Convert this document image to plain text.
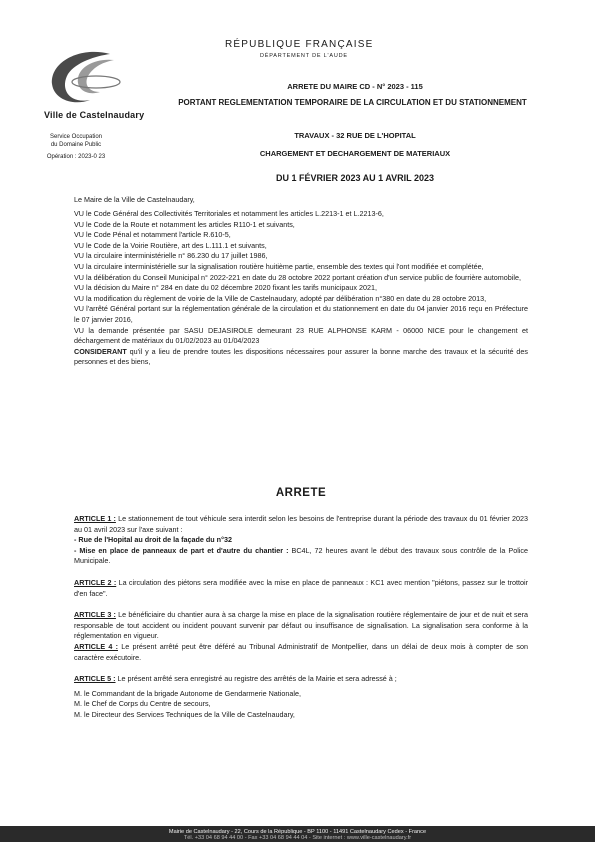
Ville de Castelnaudary
Service Occupation
du Domaine Public
Opération : 2023-0 23
RÉPUBLIQUE FRANÇAISE
DÉPARTEMENT DE L'AUDE
ARRETE DU MAIRE CD - N° 2023 - 115
PORTANT REGLEMENTATION TEMPORAIRE DE LA CIRCULATION ET DU STATIONNEMENT
TRAVAUX - 32 RUE DE L'HOPITAL
CHARGEMENT ET DECHARGEMENT DE MATERIAUX
DU 1 FÉVRIER 2023 AU 1 AVRIL 2023
Le Maire de la Ville de Castelnaudary,

VU le Code Général des Collectivités Territoriales et notamment les articles L.2213-1 et L.2213-6,

VU le Code de la Route et notamment les articles R110-1 et suivants,

VU le Code Pénal et notamment l'article R.610-5,

VU le Code de la Voirie Routière, art des L.111.1 et suivants,

VU la circulaire interministérielle n° 86.230 du 17 juillet 1986,

VU la circulaire interministérielle sur la signalisation routière huitième partie, ensemble des textes qui l'ont modifiée et complétée,

VU la délibération du Conseil Municipal n° 2022-221 en date du 28 octobre 2022 portant création d'un service public de fourrière automobile,

VU la décision du Maire n° 284 en date du 02 décembre 2020 fixant les tarifs municipaux 2021,

VU la modification du règlement de voirie de la Ville de Castelnaudary, adopté par délibération n°380 en date du 28 octobre 2013,

VU l'arrêté Général portant sur la réglementation générale de la circulation et du stationnement en date du 04 janvier 2016 reçu en Préfecture le 07 janvier 2016,

VU la demande présentée par SASU DEJASIROLE demeurant 23 RUE ALPHONSE KARM - 06000 NICE pour le changement et déchargement de matériaux du 01/02/2023 au 01/04/2023

CONSIDERANT qu'il y a lieu de prendre toutes les dispositions nécessaires pour assurer la bonne marche des travaux et la sécurité des personnes et des biens,

ARRETE

ARTICLE 1 : Le stationnement de tout véhicule sera interdit selon les besoins de l'entreprise durant la période des travaux du 01 février 2023 au 01 avril 2023 sur l'axe suivant :

- Rue de l'Hopital au droit de la façade du n°32

- Mise en place de panneaux de part et d'autre du chantier : BC4L, 72 heures avant le début des travaux sous contrôle de la Police Municipale.

ARTICLE 2 : La circulation des piétons sera modifiée avec la mise en place de panneaux : KC1 avec mention "piétons, passez sur le trottoir d'en face".

ARTICLE 3 : Le bénéficiaire du chantier aura à sa charge la mise en place de la signalisation routière réglementaire de jour et de nuit et sera responsable de tout accident ou incident pouvant survenir par défaut ou insuffisance de signalisation. La signalisation sera conforme à la réglementation en vigueur.

ARTICLE 4 : Le présent arrêté peut être déféré au Tribunal Administratif de Montpellier, dans un délai de deux mois à compter de son caractère exécutoire.

ARTICLE 5 : Le présent arrêté sera enregistré au registre des arrêtés de la Mairie et sera adressé à ;

M. le Commandant de la brigade Autonome de Gendarmerie Nationale,

M. le Chef de Corps du Centre de secours,

M. le Directeur des Services Techniques de la Ville de Castelnaudary,

Mairie de Castelnaudary - 22, Cours de la République - BP 1100 - 11491 Castelnaudary Cedex - France
Tél. +33 04 68 94 44 00 - Fax +33 04 68 94 44 04 - Site internet : www.ville-castelnaudary.fr
